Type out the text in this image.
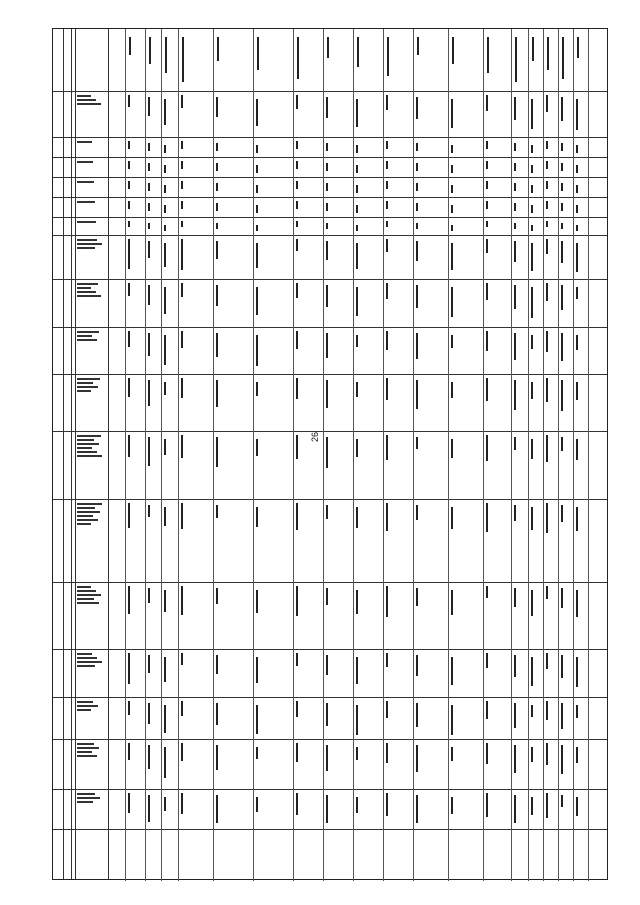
26
